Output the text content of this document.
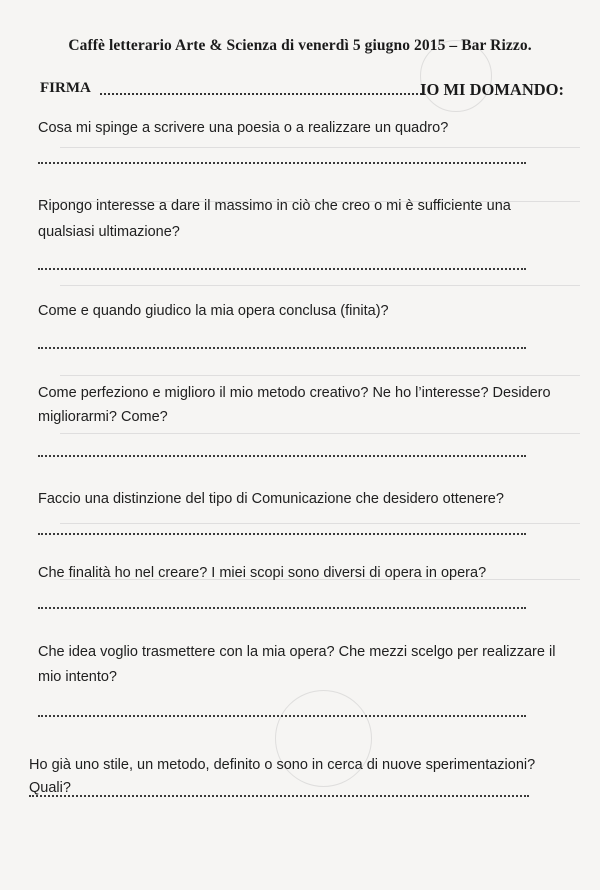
Caffè letterario Arte & Scienza di venerdì 5 giugno 2015 – Bar Rizzo.
FIRMA	IO MI DOMANDO:
Cosa mi spinge a scrivere una poesia o a realizzare un quadro?
Ripongo interesse a dare il massimo in ciò che creo o mi è sufficiente una qualsiasi ultimazione?
Come e quando giudico la mia opera conclusa (finita)?
Come perfeziono e miglioro il mio metodo creativo? Ne ho l’interesse? Desidero migliorarmi? Come?
Faccio una distinzione del tipo di Comunicazione che desidero ottenere?
Che finalità ho nel creare? I miei scopi sono diversi di opera in opera?
Che idea voglio trasmettere con la mia opera? Che mezzi scelgo per realizzare il mio intento?
Ho già uno stile, un metodo, definito o sono in cerca di nuove sperimentazioni? Quali?
